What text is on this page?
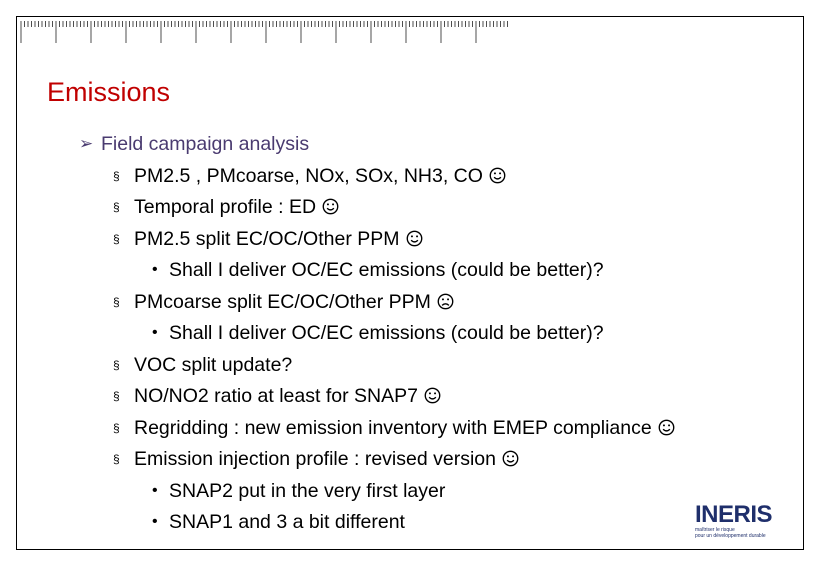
Emissions
➢ Field campaign analysis
§ PM2.5 , PMcoarse, NOx, SOx, NH3, CO
§ Temporal profile : ED
§ PM2.5 split EC/OC/Other PPM
• Shall I deliver OC/EC emissions (could be better)?
§ PMcoarse split EC/OC/Other PPM
• Shall I deliver OC/EC emissions (could be better)?
§ VOC split update?
§ NO/NO2 ratio at least for SNAP7
§ Regridding : new emission inventory with EMEP compliance
§ Emission injection profile : revised version
• SNAP2 put in the very first layer
• SNAP1 and 3 a bit different	INERIS
maîtriser le risque
pour un développement durable
